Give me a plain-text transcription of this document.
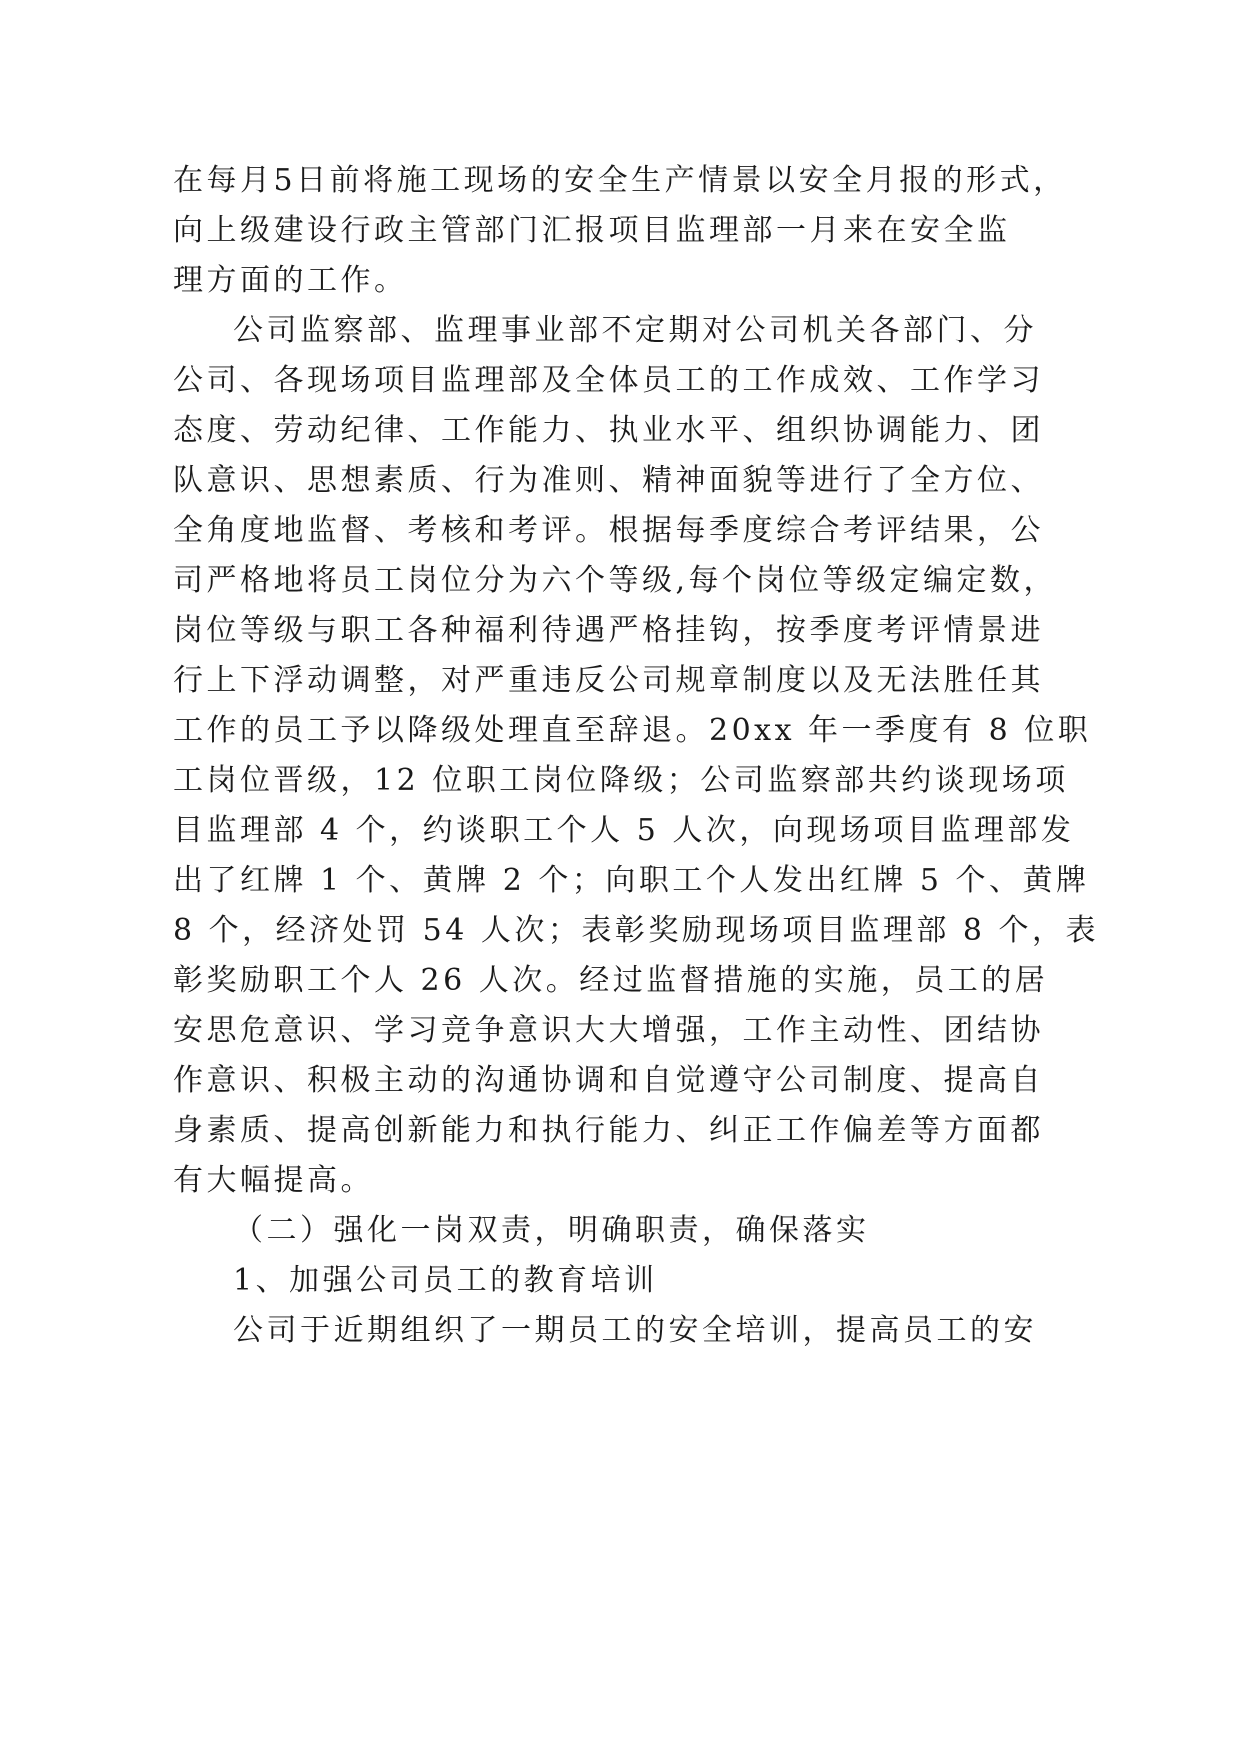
在每月5日前将施工现场的安全生产情景以安全月报的形式，
向上级建设行政主管部门汇报项目监理部一月来在安全监
理方面的工作。
公司监察部、监理事业部不定期对公司机关各部门、分
公司、各现场项目监理部及全体员工的工作成效、工作学习
态度、劳动纪律、工作能力、执业水平、组织协调能力、团
队意识、思想素质、行为准则、精神面貌等进行了全方位、
全角度地监督、考核和考评。根据每季度综合考评结果，公
司严格地将员工岗位分为六个等级,每个岗位等级定编定数，
岗位等级与职工各种福利待遇严格挂钩，按季度考评情景进
行上下浮动调整，对严重违反公司规章制度以及无法胜任其
工作的员工予以降级处理直至辞退。20xx 年一季度有 8 位职
工岗位晋级，12 位职工岗位降级；公司监察部共约谈现场项
目监理部 4 个，约谈职工个人 5 人次，向现场项目监理部发
出了红牌 1 个、黄牌 2 个；向职工个人发出红牌 5 个、黄牌
8 个，经济处罚 54 人次；表彰奖励现场项目监理部 8 个，表
彰奖励职工个人 26 人次。经过监督措施的实施，员工的居
安思危意识、学习竞争意识大大增强，工作主动性、团结协
作意识、积极主动的沟通协调和自觉遵守公司制度、提高自
身素质、提高创新能力和执行能力、纠正工作偏差等方面都
有大幅提高。
（二）强化一岗双责，明确职责，确保落实
1、加强公司员工的教育培训
公司于近期组织了一期员工的安全培训，提高员工的安
